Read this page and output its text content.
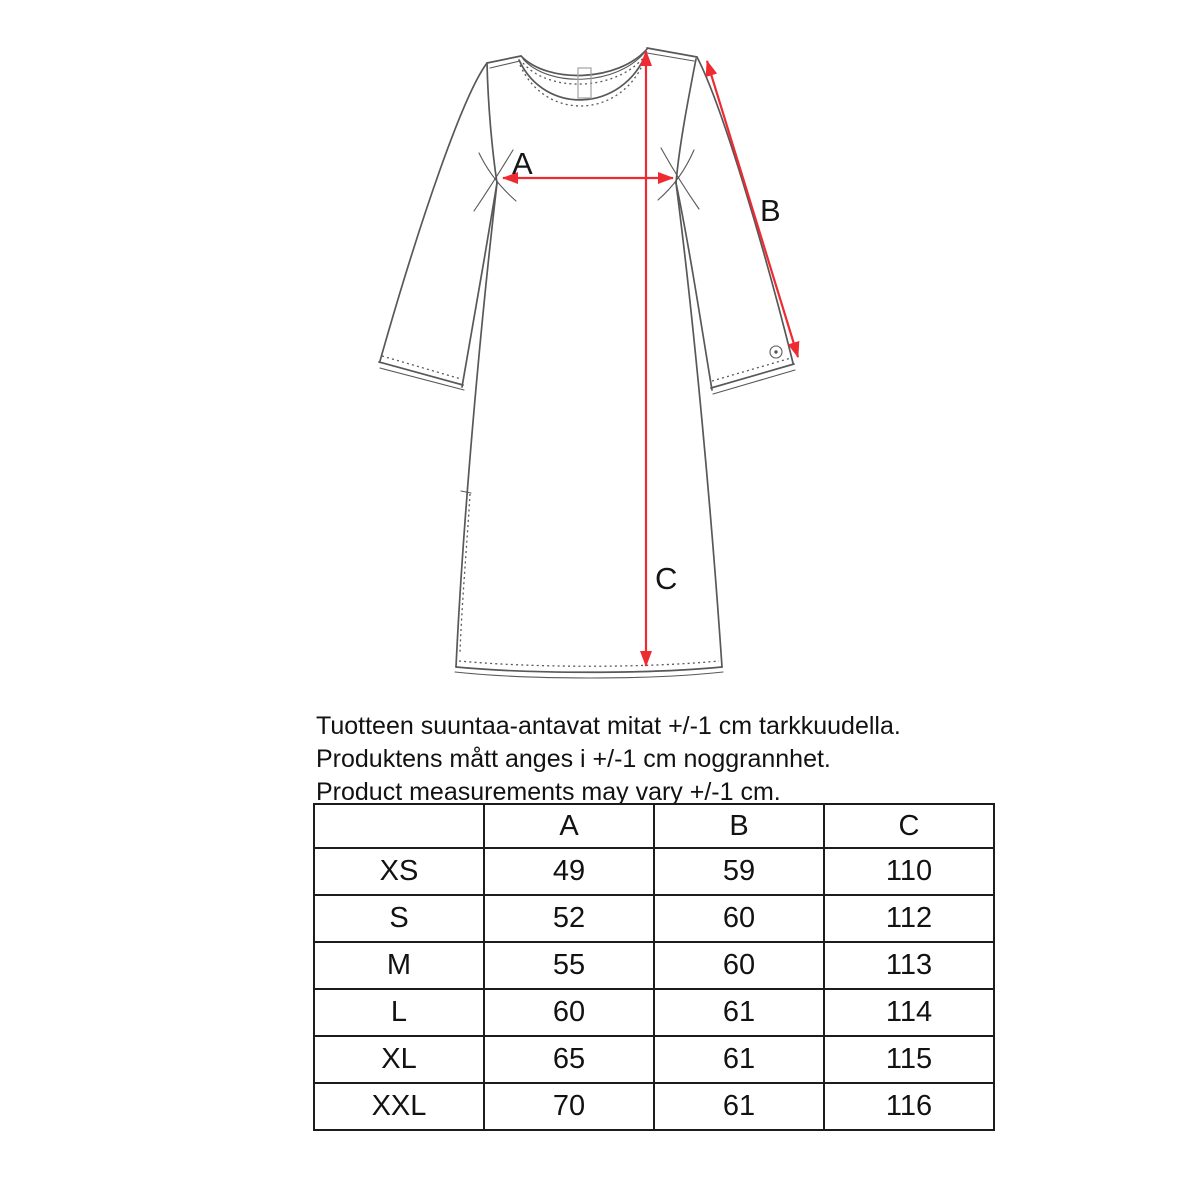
A
B
C
Tuotteen suuntaa-antavat mitat +/-1 cm tarkkuudella.
Produktens mått anges i +/-1 cm noggrannhet.
Product measurements may vary +/-1 cm.
	A	B	C
XS	49	59	110
S	52	60	112
M	55	60	113
L	60	61	114
XL	65	61	115
XXL	70	61	116
